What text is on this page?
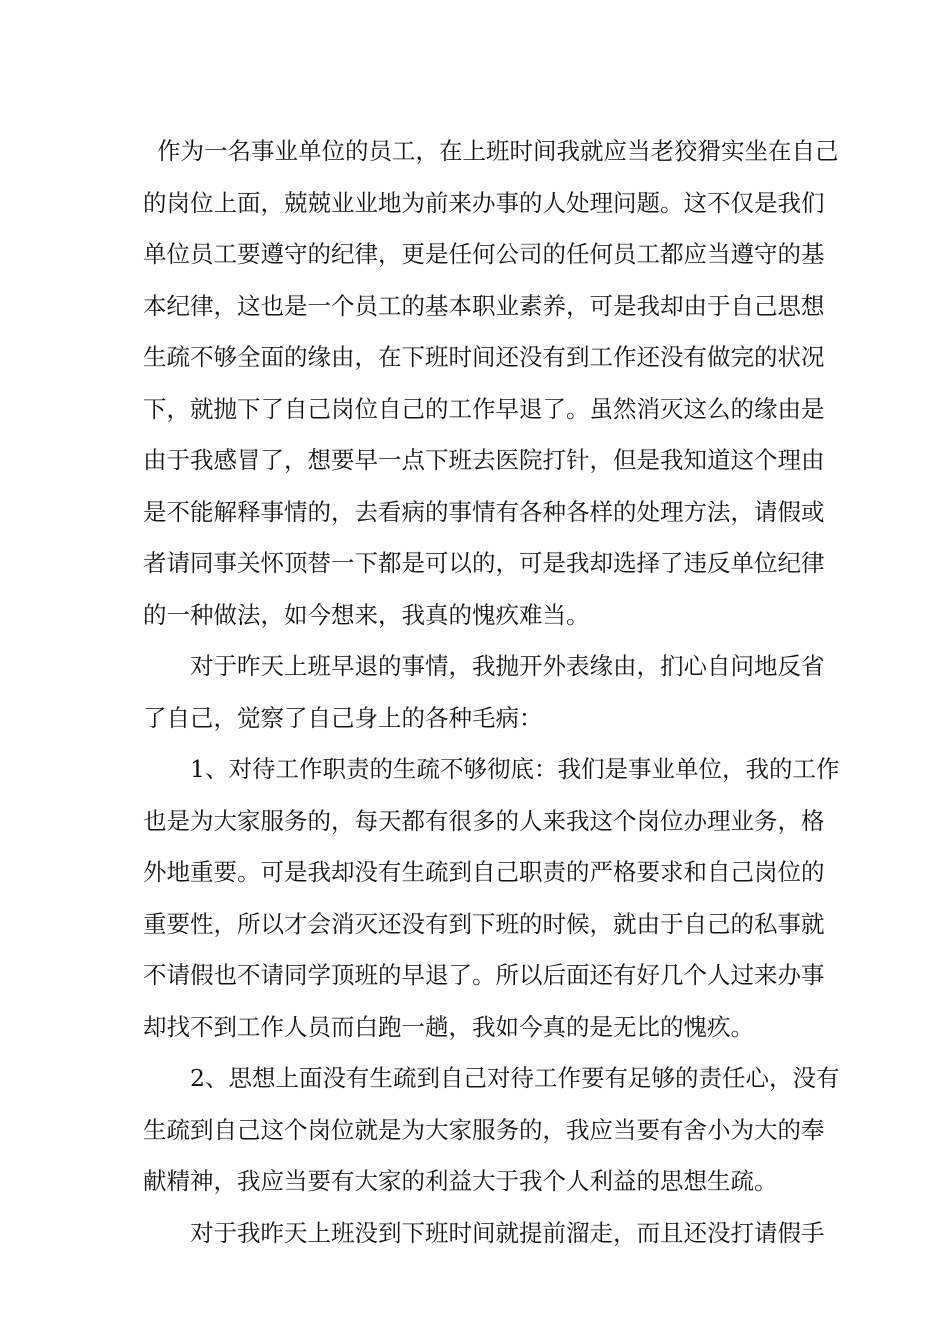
作为一名事业单位的员工，在上班时间我就应当老狡猾实坐在自己
的岗位上面，兢兢业业地为前来办事的人处理问题。这不仅是我们
单位员工要遵守的纪律，更是任何公司的任何员工都应当遵守的基
本纪律，这也是一个员工的基本职业素养，可是我却由于自己思想
生疏不够全面的缘由，在下班时间还没有到工作还没有做完的状况
下，就抛下了自己岗位自己的工作早退了。虽然消灭这么的缘由是
由于我感冒了，想要早一点下班去医院打针，但是我知道这个理由
是不能解释事情的，去看病的事情有各种各样的处理方法，请假或
者请同事关怀顶替一下都是可以的，可是我却选择了违反单位纪律
的一种做法，如今想来，我真的愧疚难当。
对于昨天上班早退的事情，我抛开外表缘由，扪心自问地反省
了自己，觉察了自己身上的各种毛病：
1、对待工作职责的生疏不够彻底：我们是事业单位，我的工作
也是为大家服务的，每天都有很多的人来我这个岗位办理业务，格
外地重要。可是我却没有生疏到自己职责的严格要求和自己岗位的
重要性，所以才会消灭还没有到下班的时候，就由于自己的私事就
不请假也不请同学顶班的早退了。所以后面还有好几个人过来办事
却找不到工作人员而白跑一趟，我如今真的是无比的愧疚。
2、思想上面没有生疏到自己对待工作要有足够的责任心，没有
生疏到自己这个岗位就是为大家服务的，我应当要有舍小为大的奉
献精神，我应当要有大家的利益大于我个人利益的思想生疏。
对于我昨天上班没到下班时间就提前溜走，而且还没打请假手
